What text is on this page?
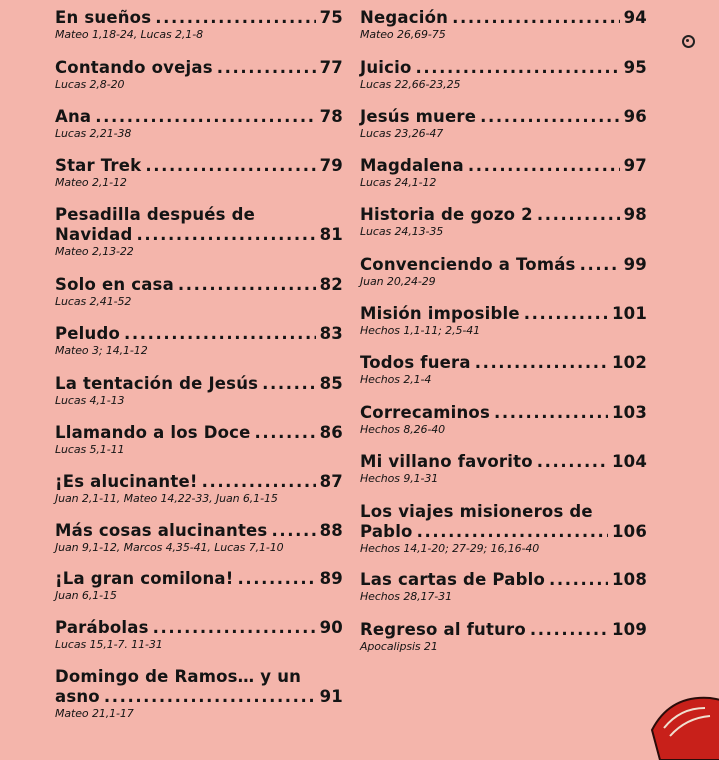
En sueños .....	75
Mateo 1,18-24, Lucas 2,1-8
Contando ovejas .....	77
Lucas 2,8-20
Ana .....	78
Lucas 2,21-38
Star Trek .....	79
Mateo 2,1-12
Pesadilla después de
Navidad .....	81
Mateo 2,13-22
Solo en casa .....	82
Lucas 2,41-52
Peludo .....	83
Mateo 3; 14,1-12
La tentación de Jesús .....	85
Lucas 4,1-13
Llamando a los Doce .....	86
Lucas 5,1-11
¡Es alucinante! .....	87
Juan 2,1-11, Mateo 14,22-33, Juan 6,1-15
Más cosas alucinantes .....	88
Juan 9,1-12, Marcos 4,35-41, Lucas 7,1-10
¡La gran comilona! .....	89
Juan 6,1-15
Parábolas .....	90
Lucas 15,1-7. 11-31
Domingo de Ramos… y un
asno .....	91
Mateo 21,1-17
Negación .....	94
Mateo 26,69-75
Juicio .....	95
Lucas 22,66-23,25
Jesús muere .....	96
Lucas 23,26-47
Magdalena .....	97
Lucas 24,1-12
Historia de gozo 2 .....	98
Lucas 24,13-35
Convenciendo a Tomás .....	99
Juan 20,24-29
Misión imposible .....	101
Hechos 1,1-11; 2,5-41
Todos fuera .....	102
Hechos 2,1-4
Correcaminos .....	103
Hechos 8,26-40
Mi villano favorito .....	104
Hechos 9,1-31
Los viajes misioneros de
Pablo .....	106
Hechos 14,1-20; 27-29; 16,16-40
Las cartas de Pablo .....	108
Hechos 28,17-31
Regreso al futuro .....	109
Apocalipsis 21
